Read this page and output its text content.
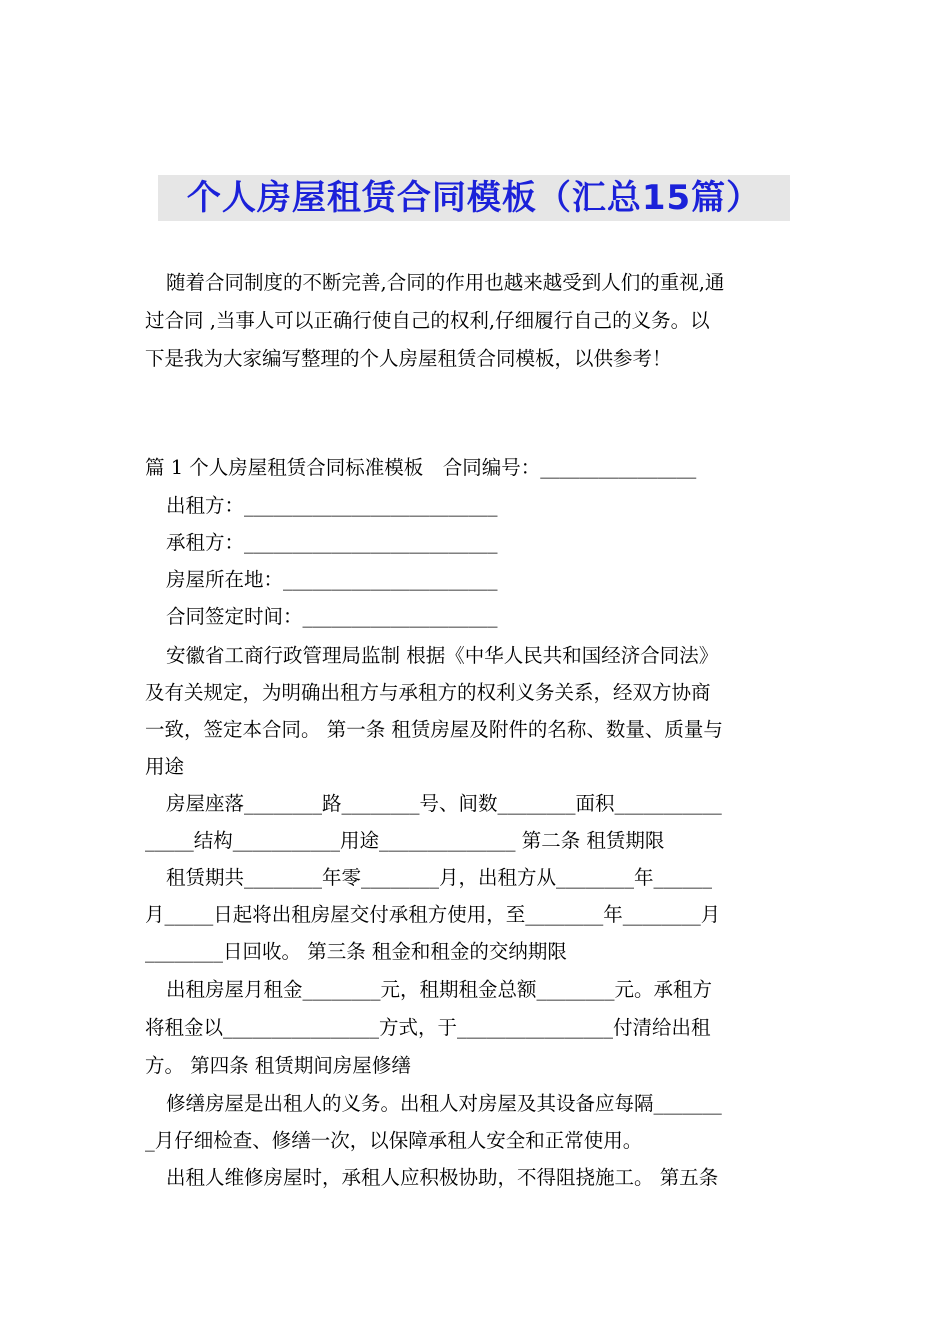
个人房屋租赁合同模板（汇总15篇）
随着合同制度的不断完善,合同的作用也越来越受到人们的重视,通
过合同 ,当事人可以正确行使自己的权利,仔细履行自己的义务。以
下是我为大家编写整理的个人房屋租赁合同模板，以供参考！
篇 1 个人房屋租赁合同标准模板　合同编号：________________
出租方：__________________________
承租方：__________________________
房屋所在地：______________________
合同签定时间：____________________
安徽省工商行政管理局监制 根据《中华人民共和国经济合同法》
及有关规定，为明确出租方与承租方的权利义务关系，经双方协商
一致，签定本合同。 第一条 租赁房屋及附件的名称、数量、质量与
用途
房屋座落________路________号、间数________面积___________
_____结构___________用途______________ 第二条 租赁期限
租赁期共________年零________月，出租方从________年______
月_____日起将出租房屋交付承租方使用，至________年________月
________日回收。 第三条 租金和租金的交纳期限
出租房屋月租金________元，租期租金总额________元。承租方
将租金以________________方式，于________________付清给出租
方。 第四条 租赁期间房屋修缮
修缮房屋是出租人的义务。出租人对房屋及其设备应每隔_______
_月仔细检查、修缮一次，以保障承租人安全和正常使用。
出租人维修房屋时，承租人应积极协助，不得阻挠施工。 第五条
